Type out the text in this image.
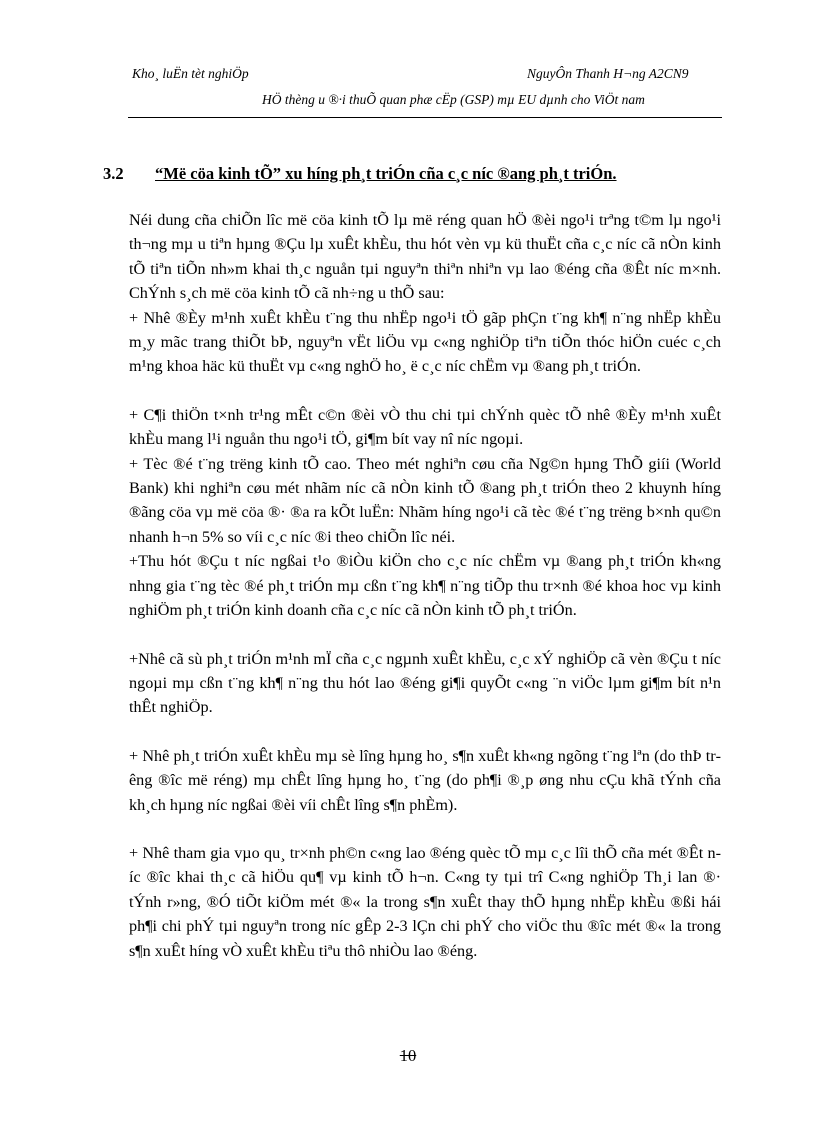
Kho¸ luËn tèt nghiÖp	NguyÔn Thanh H¬ng A2CN9
HÖ thèng u ®·i thuÕ quan phæ cËp (GSP) mµ EU dµnh cho ViÖt nam
3.2 “Më cöa kinh tÕ” xu híng ph¸t triÓn cña c¸c níc ®ang ph¸t triÓn.

Néi dung cña chiÕn lîc më cöa kinh tÕ lµ më réng quan hÖ ®èi ngo¹i trªng t©m lµ ngo¹i th¬ng mµ u tiªn hµng ®Çu lµ xuÊt khÈu, thu hót vèn vµ kü thuËt cña c¸c níc cã nÒn kinh tÕ tiªn tiÕn nh»m khai th¸c nguån tµi nguyªn thiªn nhiªn vµ lao ®éng cña ®Êt níc m×nh. ChÝnh s¸ch më cöa kinh tÕ cã nh÷ng u thÕ sau:

+ Nhê ®Èy m¹nh xuÊt khÈu t¨ng thu nhËp ngo¹i tÖ gãp phÇn t¨ng kh¶ n¨ng nhËp khÈu m¸y mãc trang thiÕt bÞ, nguyªn vËt liÖu vµ c«ng nghiÖp tiªn tiÕn thóc hiÖn cuéc c¸ch m¹ng khoa häc kü thuËt vµ c«ng nghÖ ho¸ ë c¸c níc chËm vµ ®ang ph¸t triÓn.

+ C¶i thiÖn t×nh tr¹ng mÊt c©n ®èi vÒ thu chi tµi chÝnh quèc tÕ nhê ®Èy m¹nh xuÊt khÈu mang l¹i nguån thu ngo¹i tÖ, gi¶m bít vay nî níc ngoµi.

+ Tèc ®é t¨ng trëng kinh tÕ cao. Theo mét nghiªn cøu cña Ng©n hµng ThÕ giíi (World Bank) khi nghiªn cøu mét nhãm níc cã nÒn kinh tÕ ®ang ph¸t triÓn theo 2 khuynh híng ®ãng cöa vµ më cöa ®· ®a ra kÕt luËn: Nhãm híng ngo¹i cã tèc ®é t¨ng trëng b×nh qu©n nhanh h¬n 5% so víi c¸c níc ®i theo chiÕn lîc néi.

+Thu hót ®Çu t níc ngßai t¹o ®iÒu kiÖn cho c¸c níc chËm vµ ®ang ph¸t triÓn kh«ng nhng gia t¨ng tèc ®é ph¸t triÓn mµ cßn t¨ng kh¶ n¨ng tiÕp thu tr×nh ®é khoa hoc vµ kinh nghiÖm ph¸t triÓn kinh doanh cña c¸c níc cã nÒn kinh tÕ ph¸t triÓn.

+Nhê cã sù ph¸t triÓn m¹nh mÏ cña c¸c ngµnh xuÊt khÈu, c¸c xÝ nghiÖp cã vèn ®Çu t níc ngoµi mµ cßn t¨ng kh¶ n¨ng thu hót lao ®éng gi¶i quyÕt c«ng ¨n viÖc lµm gi¶m bít n¹n thÊt nghiÖp.

+ Nhê ph¸t triÓn xuÊt khÈu mµ sè lîng hµng ho¸ s¶n xuÊt kh«ng ngõng t¨ng lªn (do thÞ trêng ®îc më réng) mµ chÊt lîng hµng ho¸ t¨ng (do ph¶i ®¸p øng nhu cÇu khã tÝnh cña kh¸ch hµng níc ngßai ®èi víi chÊt lîng s¶n phÈm).

+ Nhê tham gia vµo qu¸ tr×nh ph©n c«ng lao ®éng quèc tÕ mµ c¸c lîi thÕ cña mét ®Êt níc ®îc khai th¸c cã hiÖu qu¶ vµ kinh tÕ h¬n. C«ng ty tµi trî C«ng nghiÖp Th¸i lan ®· tÝnh r»ng, ®Ó tiÕt kiÖm mét ®« la trong s¶n xuÊt thay thÕ hµng nhËp khÈu ®ßi hái ph¶i chi phÝ tµi nguyªn trong níc gÊp 2-3 lÇn chi phÝ cho viÖc thu ®îc mét ®« la trong s¶n xuÊt híng vÒ xuÊt khÈu tiªu thô nhiÒu lao ®éng.

10
